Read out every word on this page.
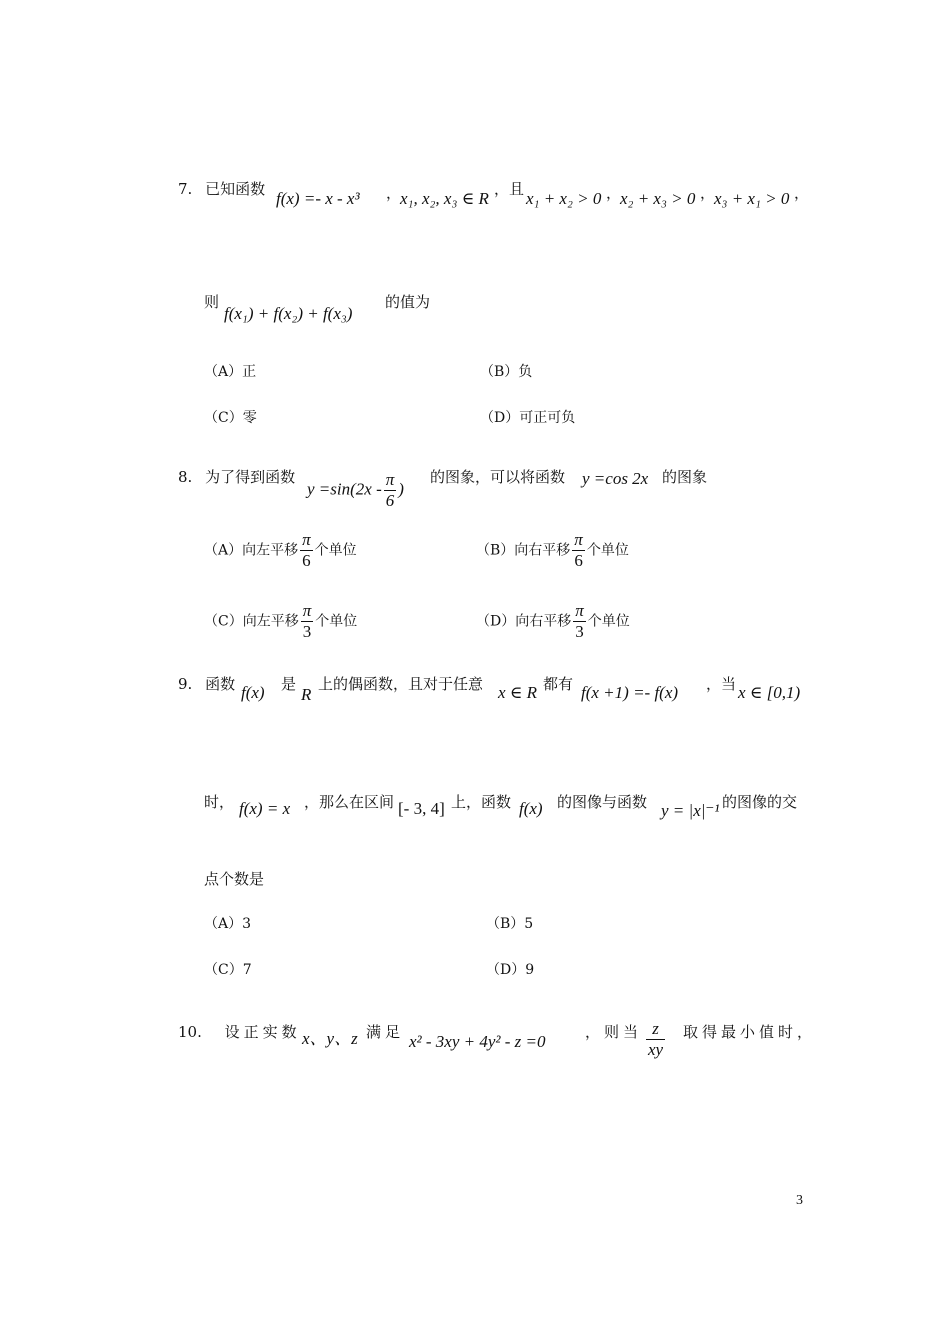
7. 已知函数 f(x) =- x - x³ ，
x₁, x₂, x₃ ∈ R ，且 x₁ + x₂ > 0 ，
x₂ + x₃ > 0 ，
x₃ + x₁ > 0 ，
则
f(x₁) + f(x₂) + f(x₃)
的值为
（A）正	（B）负
（C）零	（D）可正可负
8. 为了得到函数
$y =\sin(2x - \frac{\pi}{6}$ )
的图象，可以将函数 y =cos 2x 的图象
（A）向左平移 $\frac{\pi}{6}$ 个单位	（B）向右平移 $\frac{\pi}{6}$ 个单位
（C）向左平移 $\frac{\pi}{3}$ 个单位	（D）向右平移 $\frac{\pi}{3}$ 个单位
9. 函数 f(x) 是
R
上的偶函数，且对于任意 x ∈ R 都有 f(x +1) =- f(x) ，当 x ∈ [0,1)
时， f(x) = x ，那么在区间 [- 3, 4] 上，函数 f(x) 的图像与函数 y = |x|⁻¹ 的图像的交
点个数是
（A）3	（B）5
（C）7	（D）9
10. 设正实数 x、y、z 满足 x² - 3xy + 4y² - z =0	，则当 $\frac{z}{xy}$ 取得最小值时，
3
